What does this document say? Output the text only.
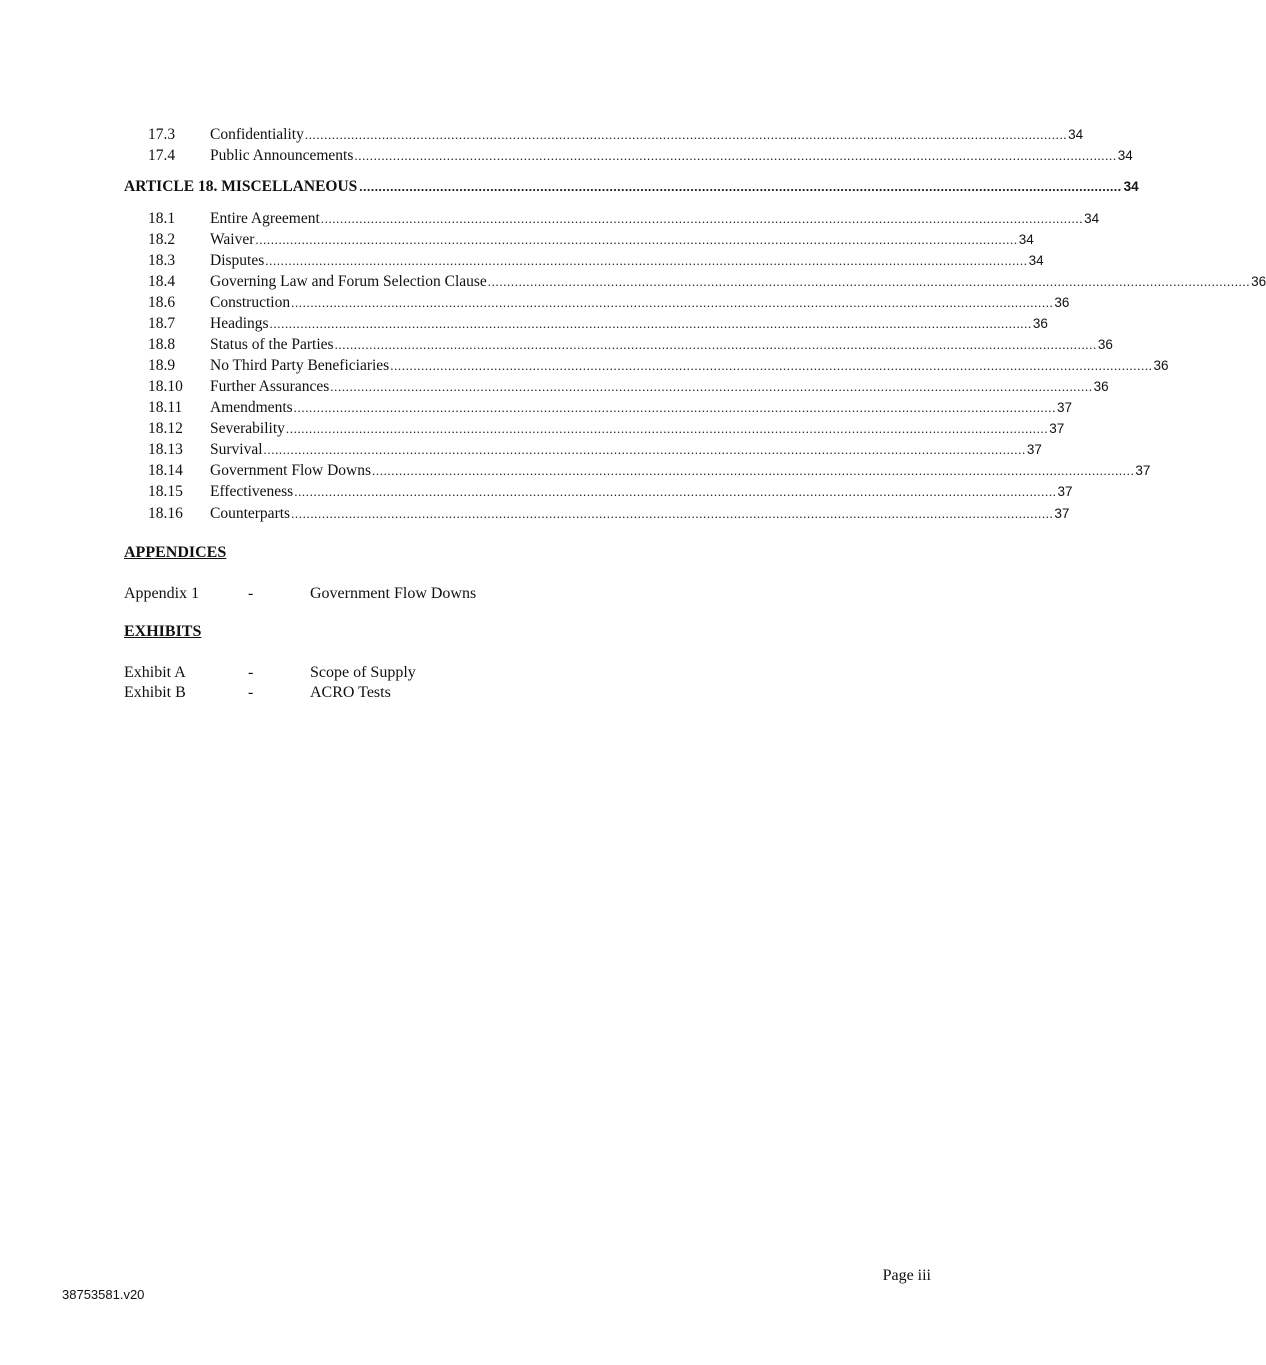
17.3	Confidentiality ...................................................................................................................................................................................................... 34
17.4	Public Announcements ...................................................................................................................................................................................................... 34
ARTICLE 18. MISCELLANEOUS ...................................................................................................................................................................................................... 34
18.1	Entire Agreement ...................................................................................................................................................................................................... 34
18.2	Waiver ...................................................................................................................................................................................................... 34
18.3	Disputes ...................................................................................................................................................................................................... 34
18.4	Governing Law and Forum Selection Clause ...................................................................................................................................................................................................... 36
18.6	Construction ...................................................................................................................................................................................................... 36
18.7	Headings ...................................................................................................................................................................................................... 36
18.8	Status of the Parties ...................................................................................................................................................................................................... 36
18.9	No Third Party Beneficiaries ...................................................................................................................................................................................................... 36
18.10	Further Assurances ...................................................................................................................................................................................................... 36
18.11	Amendments ...................................................................................................................................................................................................... 37
18.12	Severability ...................................................................................................................................................................................................... 37
18.13	Survival ...................................................................................................................................................................................................... 37
18.14	Government Flow Downs ...................................................................................................................................................................................................... 37
18.15	Effectiveness ...................................................................................................................................................................................................... 37
18.16	Counterparts ...................................................................................................................................................................................................... 37
APPENDICES
Appendix 1	-	Government Flow Downs
EXHIBITS
Exhibit A	-	Scope of Supply
Exhibit B	-	ACRO Tests
Page iii
38753581.v20
